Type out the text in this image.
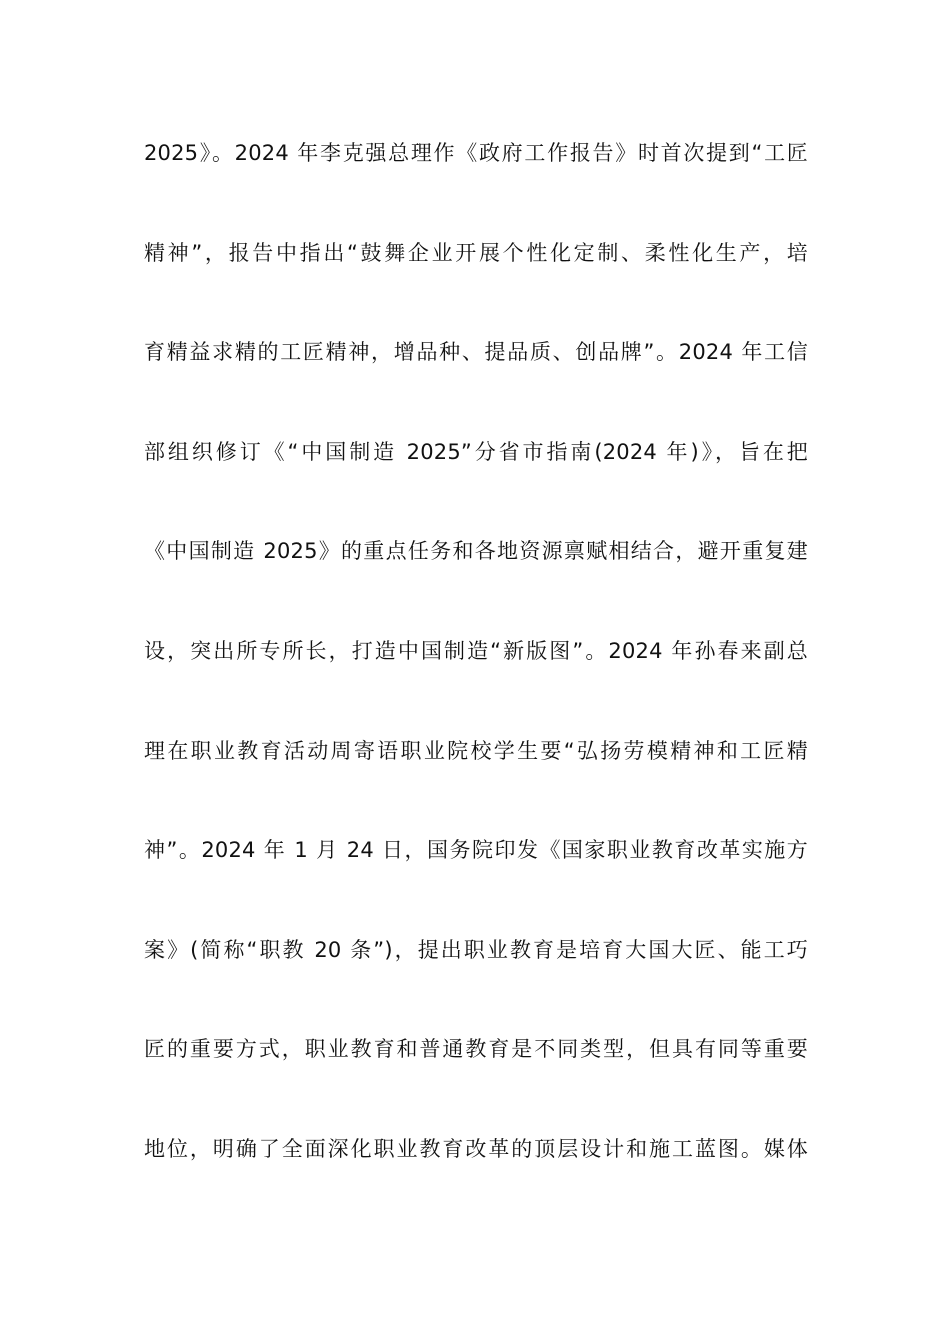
2025》。2024 年李克强总理作《政府工作报告》时首次提到“工匠
精神”，报告中指出“鼓舞企业开展个性化定制、柔性化生产，培
育精益求精的工匠精神，增品种、提品质、创品牌”。2024 年工信
部组织修订《“中国制造 2025”分省市指南(2024 年)》，旨在把
《中国制造 2025》的重点任务和各地资源禀赋相结合，避开重复建
设，突出所专所长，打造中国制造“新版图”。2024 年孙春来副总
理在职业教育活动周寄语职业院校学生要“弘扬劳模精神和工匠精
神”。2024 年 1 月 24 日，国务院印发《国家职业教育改革实施方
案》(简称“职教 20 条”)，提出职业教育是培育大国大匠、能工巧
匠的重要方式，职业教育和普通教育是不同类型，但具有同等重要
地位，明确了全面深化职业教育改革的顶层设计和施工蓝图。媒体
